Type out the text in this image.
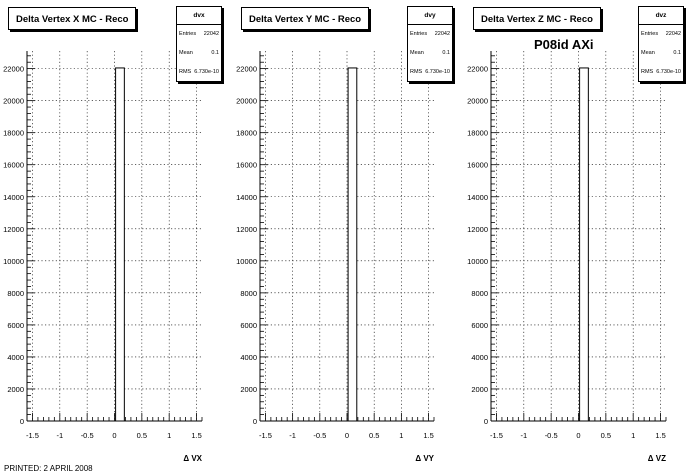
0
2000
4000
6000
8000
10000
12000
14000
16000
18000
20000
22000
-1.5 -1 -0.5	0	0.5	1	1.5
Δ VX
0
2000
4000
6000
8000
10000
12000
14000
16000
18000
20000
22000
-1.5 -1 -0.5 0	0.5	1	1.5
Δ VY
0
2000
4000
6000
8000
10000
12000
14000
16000
18000
20000
22000
-1.5 -1 -0.5	0	0.5	1	1.5
Δ VZ
Delta Vertex X MC - Reco	Delta Vertex Y MC - Reco	Delta Vertex Z MC - Reco
dvx
Entries 22042
Mean	0.1
RMS 6.730e-10
dvy
Entries 22042
Mean	0.1
RMS 6.730e-10
dvz
Entries 22042
Mean	0.1
RMS 6.730e-10
P08id AXi
PRINTED: 2 APRIL 2008
